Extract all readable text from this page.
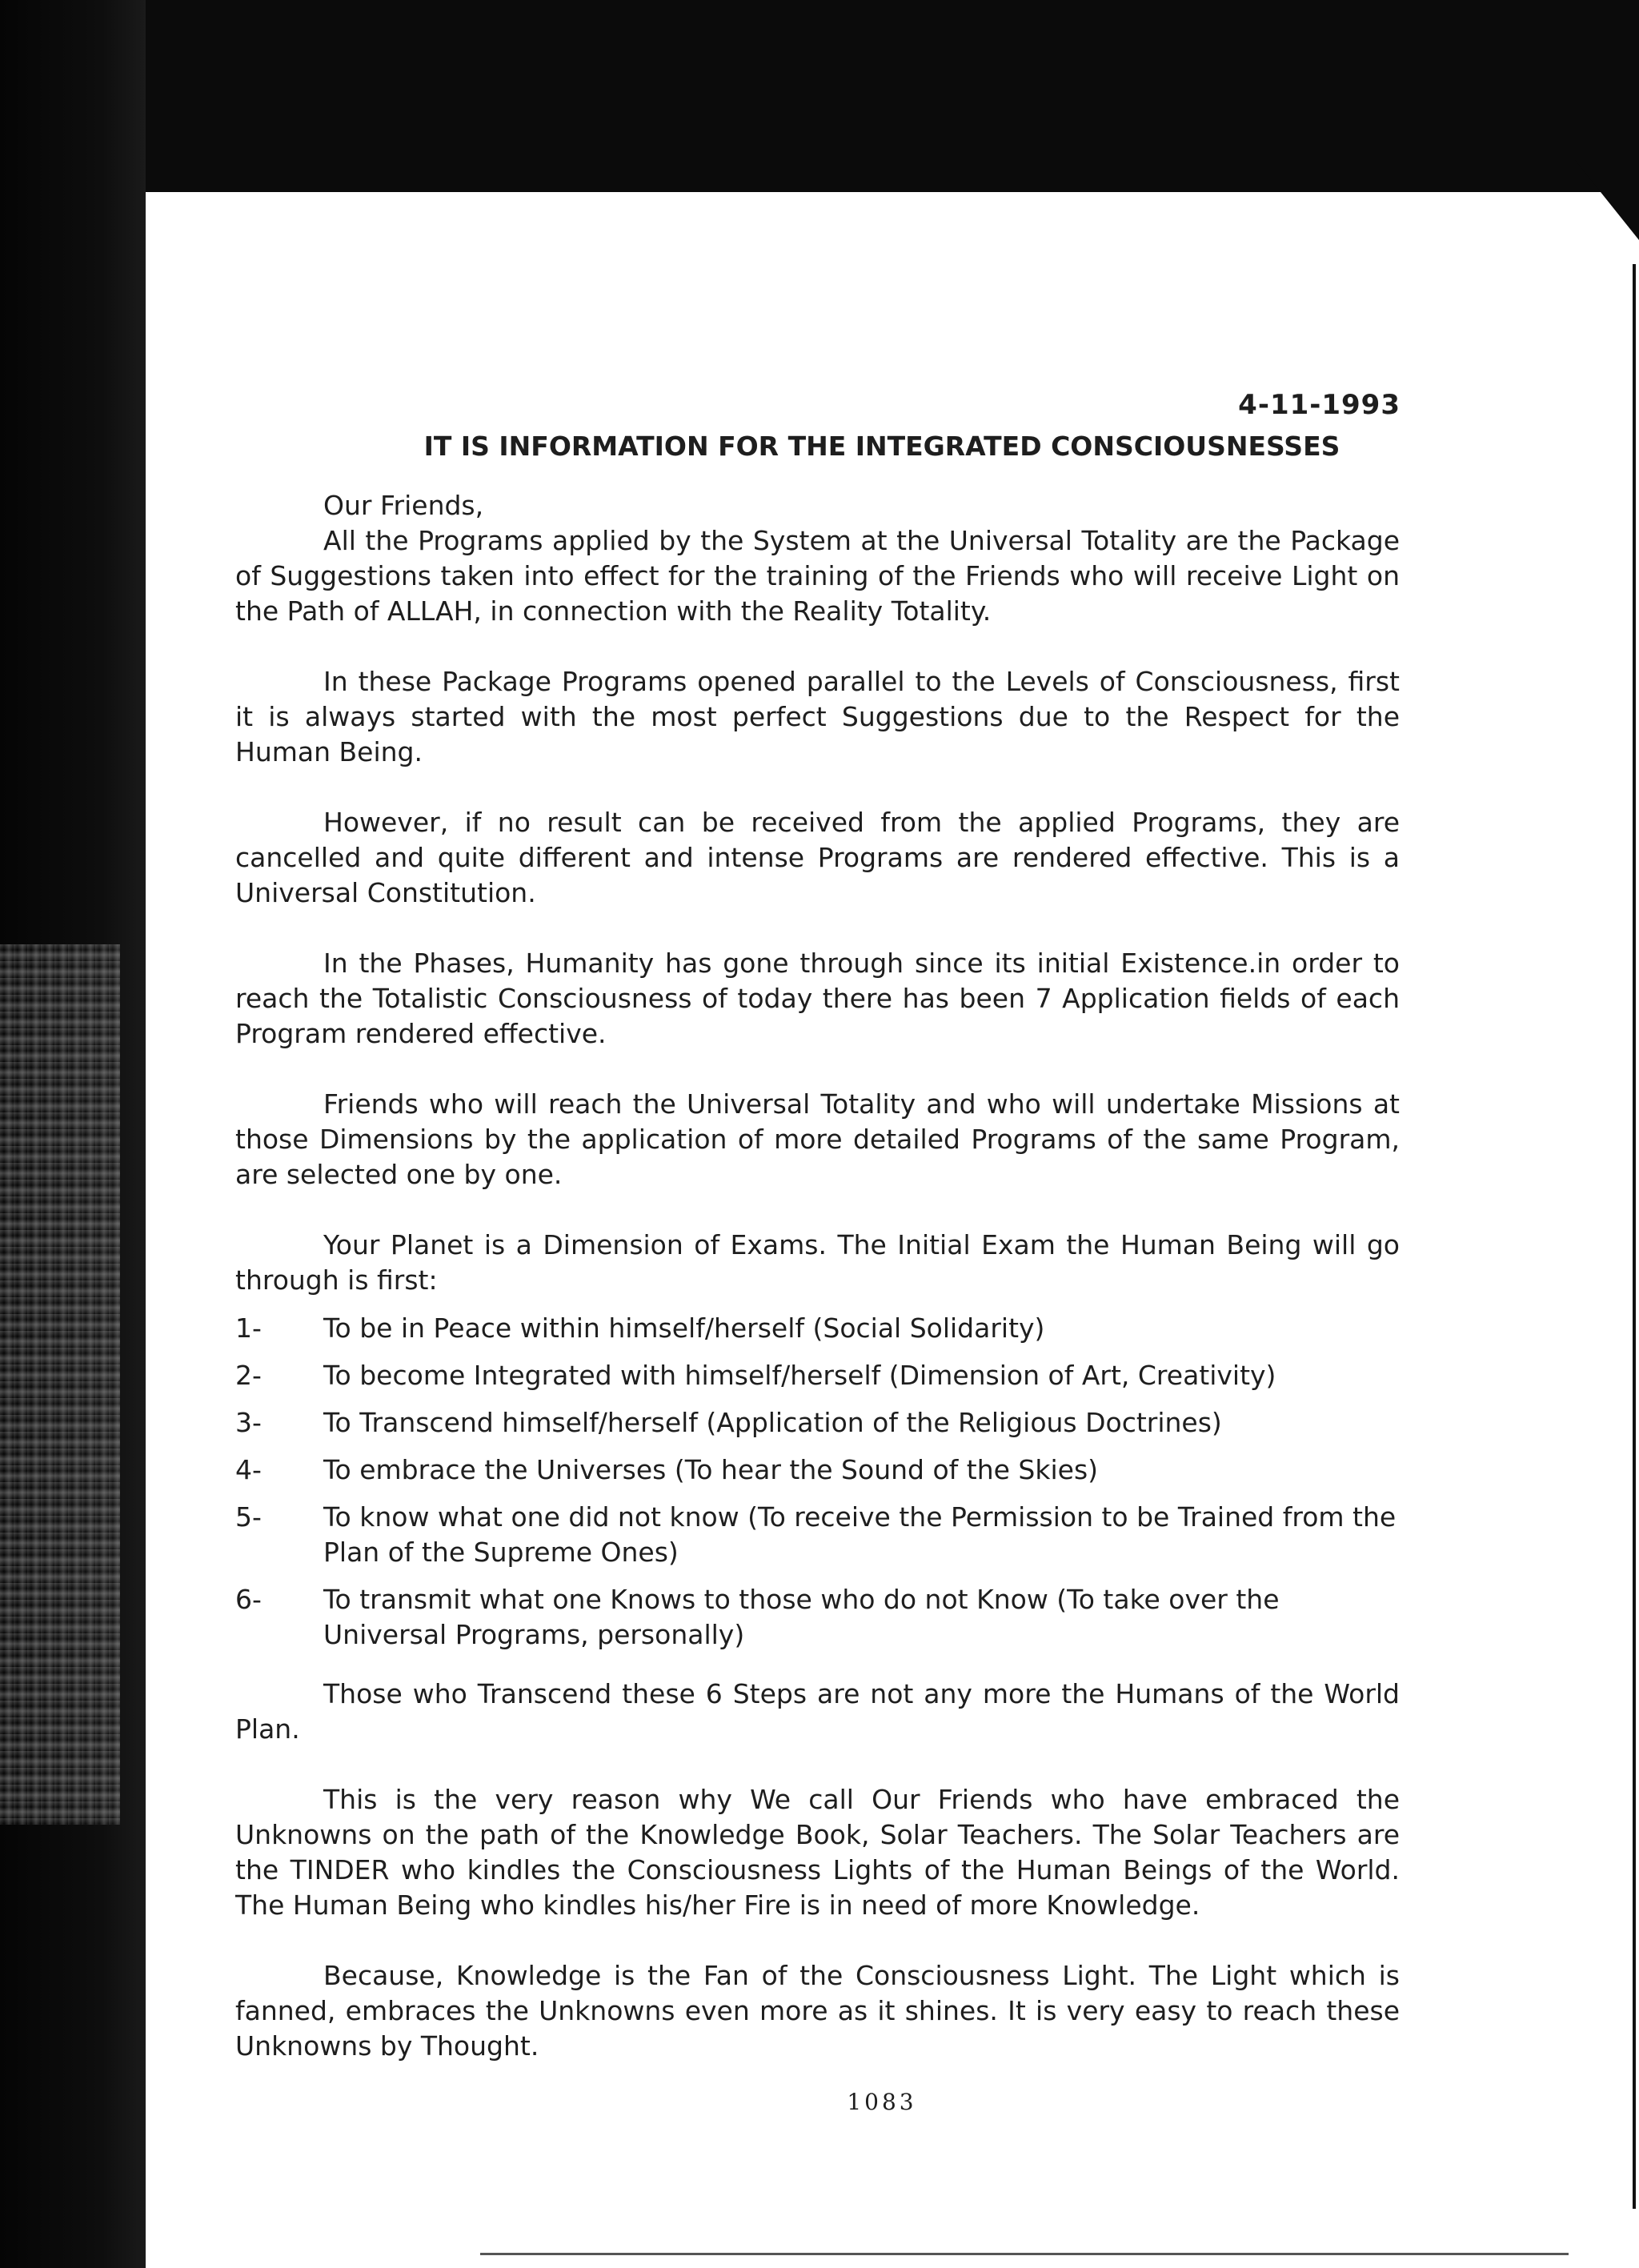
4-11-1993
IT IS INFORMATION FOR THE INTEGRATED CONSCIOUSNESSES

Our Friends,

All the Programs applied by the System at the Universal Totality are the Package of Suggestions taken into effect for the training of the Friends who will receive Light on the Path of ALLAH, in connection with the Reality Totality.

In these Package Programs opened parallel to the Levels of Consciousness, first it is always started with the most perfect Suggestions due to the Respect for the Human Being.

However, if no result can be received from the applied Programs, they are cancelled and quite different and intense Programs are rendered effective. This is a Universal Constitution.

In the Phases, Humanity has gone through since its initial Existence.in order to reach the Totalistic Consciousness of today there has been 7 Application fields of each Program rendered effective.

Friends who will reach the Universal Totality and who will undertake Missions at those Dimensions by the application of more detailed Programs of the same Program, are selected one by one.

Your Planet is a Dimension of Exams. The Initial Exam the Human Being will go through is first:

1-	To be in Peace within himself/herself (Social Solidarity)
2-	To become Integrated with himself/herself (Dimension of Art, Creativity)
3-	To Transcend himself/herself (Application of the Religious Doctrines)
4-	To embrace the Universes (To hear the Sound of the Skies)
5-	To know what one did not know (To receive the Permission to be Trained from the Plan of the Supreme Ones)
6-	To transmit what one Knows to those who do not Know (To take over the Universal Programs, personally)

Those who Transcend these 6 Steps are not any more the Humans of the World Plan.

This is the very reason why We call Our Friends who have embraced the Unknowns on the path of the Knowledge Book, Solar Teachers. The Solar Teachers are the TINDER who kindles the Consciousness Lights of the Human Beings of the World. The Human Being who kindles his/her Fire is in need of more Knowledge.

Because, Knowledge is the Fan of the Consciousness Light. The Light which is fanned, embraces the Unknowns even more as it shines. It is very easy to reach these Unknowns by Thought.

1083
